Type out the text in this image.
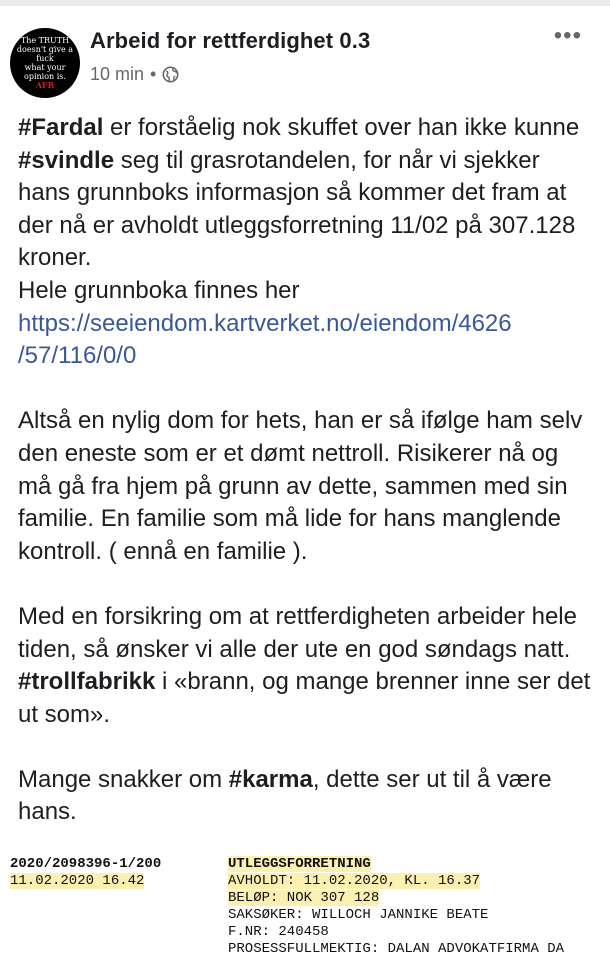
The TRUTH
doesn't give a
fuck
what your
opinion is.
AFR
Arbeid for rettferdighet 0.3
10 min •
•••

#Fardal er forståelig nok skuffet over han ikke kunne #svindle seg til grasrotandelen, for når vi sjekker hans grunnboks informasjon så kommer det fram at der nå er avholdt utleggsforretning 11/02 på 307.128 kroner.

Hele grunnboka finnes her

https://seeiendom.kartverket.no/eiendom/4626
/57/116/0/0

Altså en nylig dom for hets, han er så ifølge ham selv den eneste som er et dømt nettroll. Risikerer nå og må gå fra hjem på grunn av dette, sammen med sin familie. En familie som må lide for hans manglende kontroll. ( ennå en familie ).

Med en forsikring om at rettferdigheten arbeider hele tiden, så ønsker vi alle der ute en god søndags natt. #trollfabrikk i «brann, og mange brenner inne ser det ut som».

Mange snakker om #karma, dette ser ut til å være hans.

2020/2098396-1/200
11.02.2020 16.42
UTLEGGSFORRETNING
AVHOLDT: 11.02.2020, KL. 16.37
BELØP: NOK 307 128
SAKSØKER: WILLOCH JANNIKE BEATE
F.NR: 240458
PROSESSFULLMEKTIG: DALAN ADVOKATFIRMA DA
